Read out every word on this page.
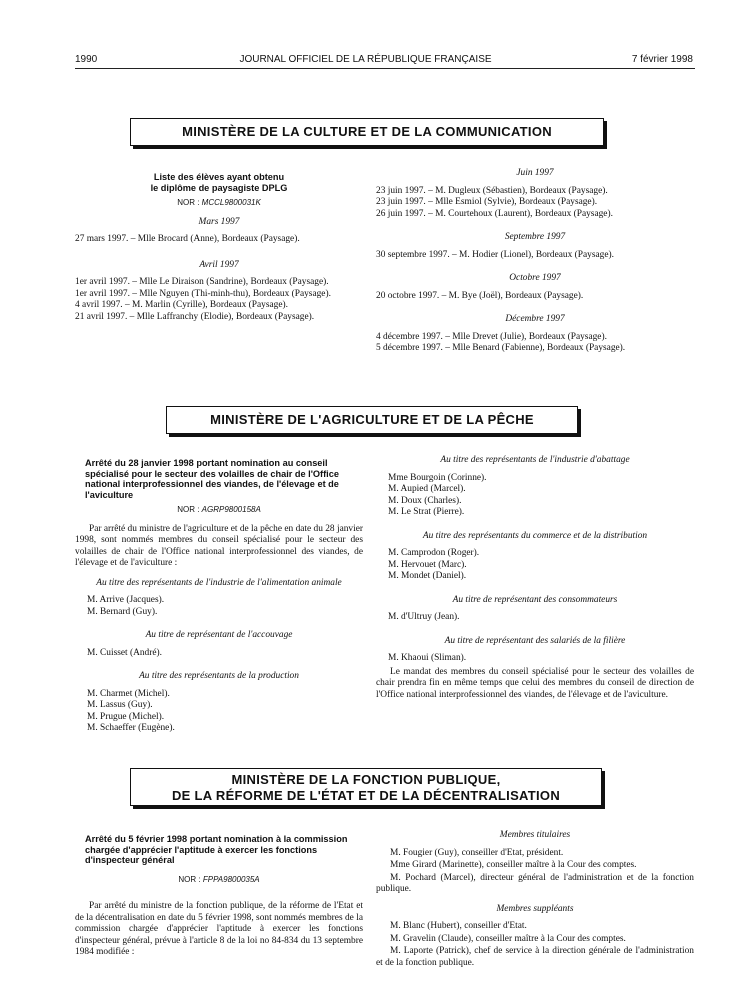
1990	JOURNAL OFFICIEL DE LA RÉPUBLIQUE FRANÇAISE	7 février 1998
MINISTÈRE DE LA CULTURE ET DE LA COMMUNICATION
Liste des élèves ayant obtenu
le diplôme de paysagiste DPLG
NOR : MCCL9800031K
Mars 1997
27 mars 1997. – Mlle Brocard (Anne), Bordeaux (Paysage).
Avril 1997
1er avril 1997. – Mlle Le Diraison (Sandrine), Bordeaux (Paysage).
1er avril 1997. – Mlle Nguyen (Thi-minh-thu), Bordeaux (Paysage).
4 avril 1997. – M. Marlin (Cyrille), Bordeaux (Paysage).
21 avril 1997. – Mlle Laffranchy (Elodie), Bordeaux (Paysage).
Juin 1997
23 juin 1997. – M. Dugleux (Sébastien), Bordeaux (Paysage).
23 juin 1997. – Mlle Esmiol (Sylvie), Bordeaux (Paysage).
26 juin 1997. – M. Courtehoux (Laurent), Bordeaux (Paysage).
Septembre 1997
30 septembre 1997. – M. Hodier (Lionel), Bordeaux (Paysage).
Octobre 1997
20 octobre 1997. – M. Bye (Joël), Bordeaux (Paysage).
Décembre 1997
4 décembre 1997. – Mlle Drevet (Julie), Bordeaux (Paysage).
5 décembre 1997. – Mlle Benard (Fabienne), Bordeaux (Paysage).
MINISTÈRE DE L'AGRICULTURE ET DE LA PÊCHE
Arrêté du 28 janvier 1998 portant nomination au conseil spécialisé pour le secteur des volailles de chair de l'Office national interprofessionnel des viandes, de l'élevage et de l'aviculture
NOR : AGRP9800158A
Par arrêté du ministre de l'agriculture et de la pêche en date du 28 janvier 1998, sont nommés membres du conseil spécialisé pour le secteur des volailles de chair de l'Office national interprofessionnel des viandes, de l'élevage et de l'aviculture :
Au titre des représentants de l'industrie de l'alimentation animale
M. Arrive (Jacques).
M. Bernard (Guy).
Au titre de représentant de l'accouvage
M. Cuisset (André).
Au titre des représentants de la production
M. Charmet (Michel).
M. Lassus (Guy).
M. Prugue (Michel).
M. Schaeffer (Eugène).
Au titre des représentants de l'industrie d'abattage
Mme Bourgoin (Corinne).
M. Aupied (Marcel).
M. Doux (Charles).
M. Le Strat (Pierre).
Au titre des représentants du commerce et de la distribution
M. Camprodon (Roger).
M. Hervouet (Marc).
M. Mondet (Daniel).
Au titre de représentant des consommateurs
M. d'Ultruy (Jean).
Au titre de représentant des salariés de la filière
M. Khaoui (Sliman).
Le mandat des membres du conseil spécialisé pour le secteur des volailles de chair prendra fin en même temps que celui des membres du conseil de direction de l'Office national interprofessionnel des viandes, de l'élevage et de l'aviculture.
MINISTÈRE DE LA FONCTION PUBLIQUE,
DE LA RÉFORME DE L'ÉTAT ET DE LA DÉCENTRALISATION
Arrêté du 5 février 1998 portant nomination à la commission chargée d'apprécier l'aptitude à exercer les fonctions d'inspecteur général
NOR : FPPA9800035A
Par arrêté du ministre de la fonction publique, de la réforme de l'Etat et de la décentralisation en date du 5 février 1998, sont nommés membres de la commission chargée d'apprécier l'aptitude à exercer les fonctions d'inspecteur général, prévue à l'article 8 de la loi no 84-834 du 13 septembre 1984 modifiée :
Membres titulaires
M. Fougier (Guy), conseiller d'Etat, président.
Mme Girard (Marinette), conseiller maître à la Cour des comptes.
M. Pochard (Marcel), directeur général de l'administration et de la fonction publique.
Membres suppléants
M. Blanc (Hubert), conseiller d'Etat.
M. Gravelin (Claude), conseiller maître à la Cour des comptes.
M. Laporte (Patrick), chef de service à la direction générale de l'administration et de la fonction publique.
